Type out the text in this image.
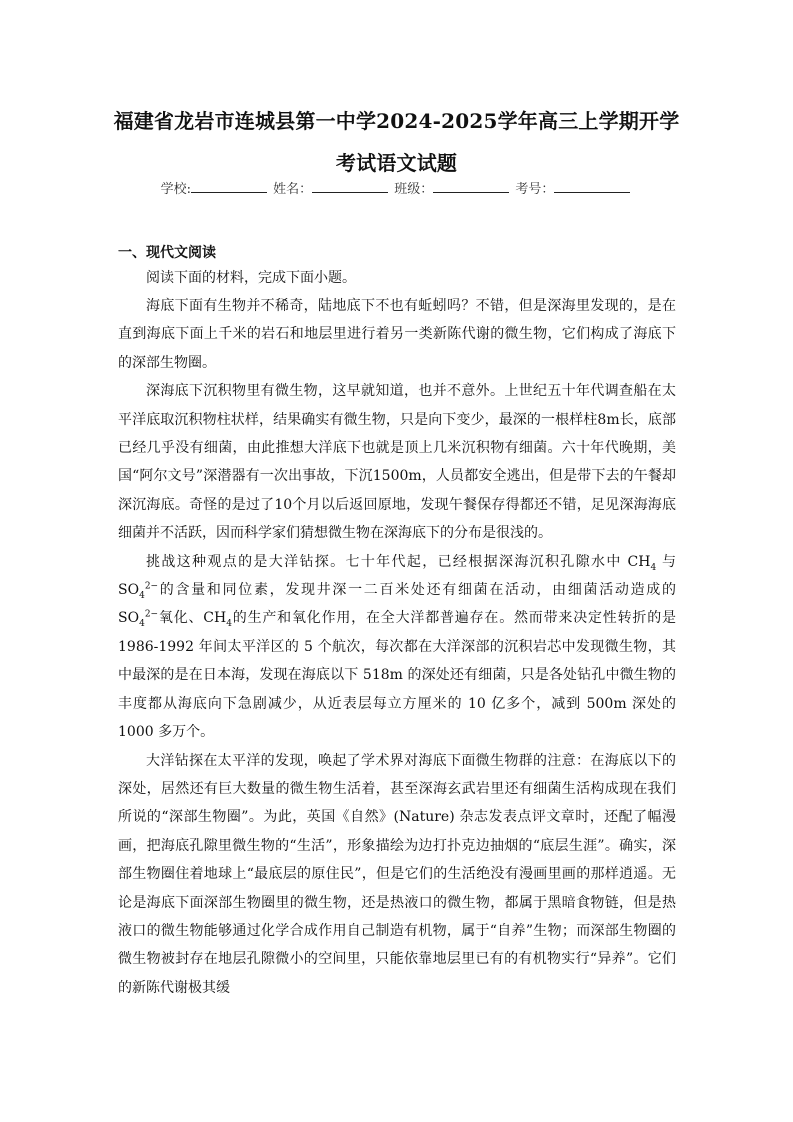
福建省龙岩市连城县第一中学2024-2025学年高三上学期开学
考试语文试题
学校:	姓名：	班级：	考号：
一、现代文阅读

阅读下面的材料，完成下面小题。

海底下面有生物并不稀奇，陆地底下不也有蚯蚓吗？不错，但是深海里发现的，是在直到海底下面上千米的岩石和地层里进行着另一类新陈代谢的微生物，它们构成了海底下的深部生物圈。

深海底下沉积物里有微生物，这早就知道，也并不意外。上世纪五十年代调查船在太平洋底取沉积物柱状样，结果确实有微生物，只是向下变少，最深的一根样柱8m长，底部已经几乎没有细菌，由此推想大洋底下也就是顶上几米沉积物有细菌。六十年代晚期，美国“阿尔文号”深潜器有一次出事故，下沉1500m，人员都安全逃出，但是带下去的午餐却深沉海底。奇怪的是过了10个月以后返回原地，发现午餐保存得都还不错，足见深海海底细菌并不活跃，因而科学家们猜想微生物在深海底下的分布是很浅的。

挑战这种观点的是大洋钻探。七十年代起，已经根据深海沉积孔隙水中 $CH_4$ 与 $SO_4^{2-}$的含量和同位素，发现井深一二百米处还有细菌在活动，由细菌活动造成的 $SO_4^{2-}$氧化、$CH_4$的生产和氧化作用，在全大洋都普遍存在。然而带来决定性转折的是 1986-1992 年间太平洋区的 5 个航次，每次都在大洋深部的沉积岩芯中发现微生物，其中最深的是在日本海，发现在海底以下 518m 的深处还有细菌，只是各处钻孔中微生物的丰度都从海底向下急剧减少，从近表层每立方厘米的 10 亿多个，减到 500m 深处的 1000 多万个。

大洋钻探在太平洋的发现，唤起了学术界对海底下面微生物群的注意：在海底以下的深处，居然还有巨大数量的微生物生活着，甚至深海玄武岩里还有细菌生活构成现在我们所说的“深部生物圈”。为此，英国《自然》(Nature) 杂志发表点评文章时，还配了幅漫画，把海底孔隙里微生物的“生活”，形象描绘为边打扑克边抽烟的“底层生涯”。确实，深部生物圈住着地球上“最底层的原住民”，但是它们的生活绝没有漫画里画的那样逍遥。无论是海底下面深部生物圈里的微生物，还是热液口的微生物，都属于黑暗食物链，但是热液口的微生物能够通过化学合成作用自己制造有机物，属于“自养”生物；而深部生物圈的微生物被封存在地层孔隙微小的空间里，只能依靠地层里已有的有机物实行“异养”。它们的新陈代谢极其缓
